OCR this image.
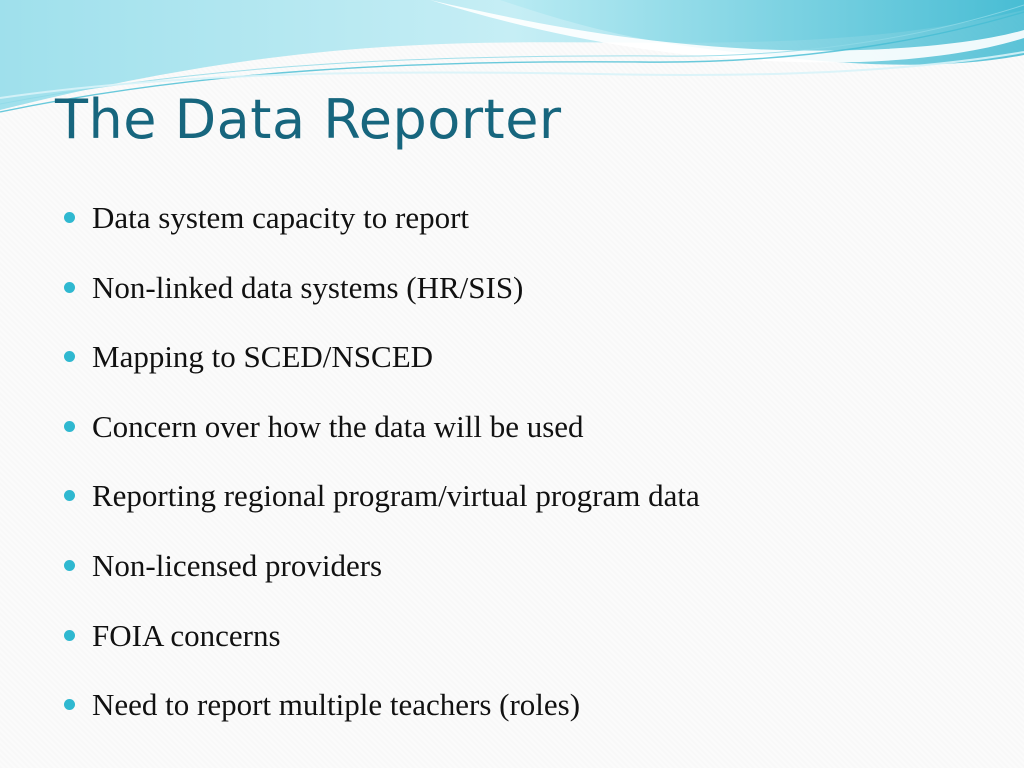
The Data Reporter
Data system capacity to report
Non-linked data systems (HR/SIS)
Mapping to SCED/NSCED
Concern over how the data will be used
Reporting regional program/virtual program data
Non-licensed providers
FOIA concerns
Need to report multiple teachers (roles)
